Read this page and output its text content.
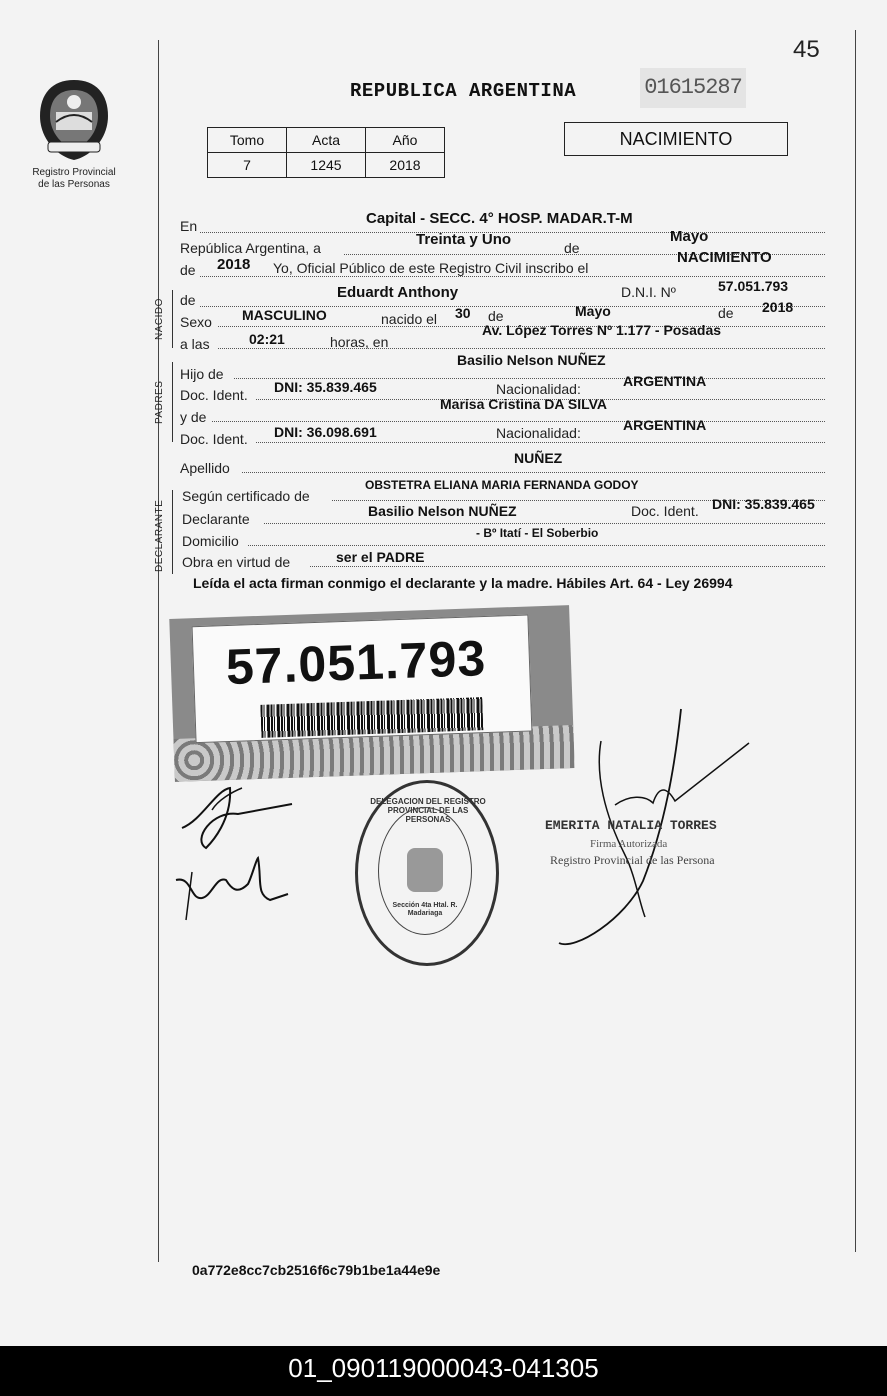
45
Registro Provincial
de las Personas
REPUBLICA ARGENTINA	01615287
Tomo	Acta	Año
7	1245	2018
NACIMIENTO
En	Capital - SECC. 4° HOSP. MADAR.T-M
República Argentina, a	Treinta y Uno	de
Mayo
de 2018 Yo, Oficial Público de este Registro Civil inscribo el
NACIMIENTO
NACIDO de	Eduardt Anthony	D.N.I. Nº	57.051.793
Sexo MASCULINO	nacido el 30 de	Mayo	de 2018
a las	02:21	horas, en
Av. López Torres Nº 1.177 - Posadas
PADRES
Hijo de
Basilio Nelson NUÑEZ
Doc. Ident. DNI: 35.839.465	Nacionalidad:	ARGENTINA
y de
Marisa Cristina DA SILVA
Doc. Ident. DNI: 36.098.691	Nacionalidad:	ARGENTINA
Apellido
NUÑEZ
DECLARANTE
Según certificado de
OBSTETRA ELIANA MARIA FERNANDA GODOY
Declarante	Basilio Nelson NUÑEZ	Doc. Ident. DNI: 35.839.465
Domicilio	- Bº Itatí - El Soberbio
Obra en virtud de	ser el PADRE
Leída el acta firman conmigo el declarante y la madre. Hábiles Art. 64 - Ley 26994
57.051.793
DELEGACION DEL REGISTRO PROVINCIAL DE LAS PERSONAS
Sección 4ta Htal. R. Madariaga
EMERITA NATALIA TORRES
Firma Autorizada
Registro Provincial de las Persona
0a772e8cc7cb2516f6c79b1be1a44e9e
01_090119000043-041305
